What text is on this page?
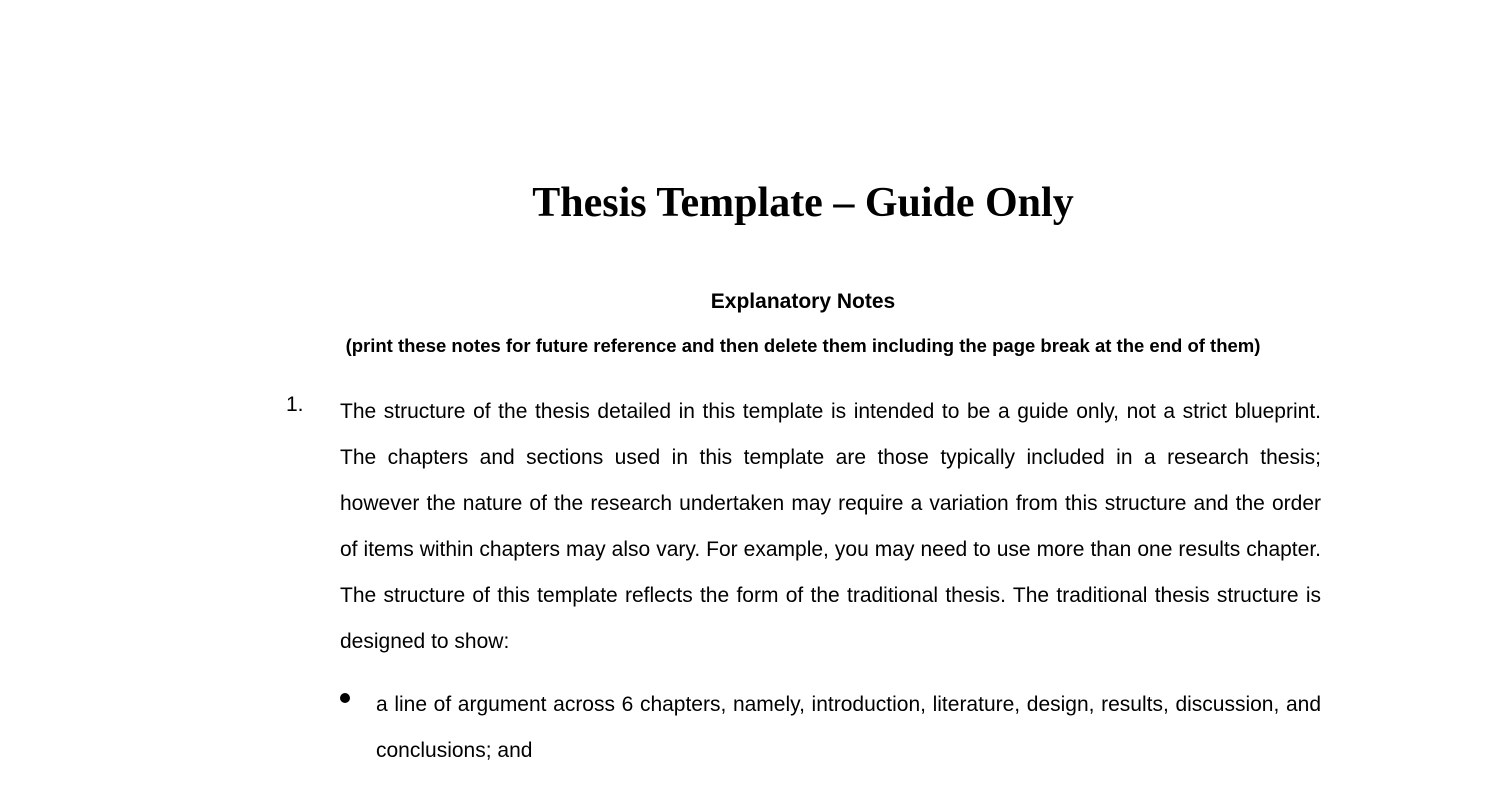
Thesis Template – Guide Only
Explanatory Notes

(print these notes for future reference and then delete them including the page break at the end of them)

1. The structure of the thesis detailed in this template is intended to be a guide only, not a strict blueprint. The chapters and sections used in this template are those typically included in a research thesis; however the nature of the research undertaken may require a variation from this structure and the order of items within chapters may also vary. For example, you may need to use more than one results chapter. The structure of this template reflects the form of the traditional thesis. The traditional thesis structure is designed to show:

a line of argument across 6 chapters, namely, introduction, literature, design, results, discussion, and conclusions; and
